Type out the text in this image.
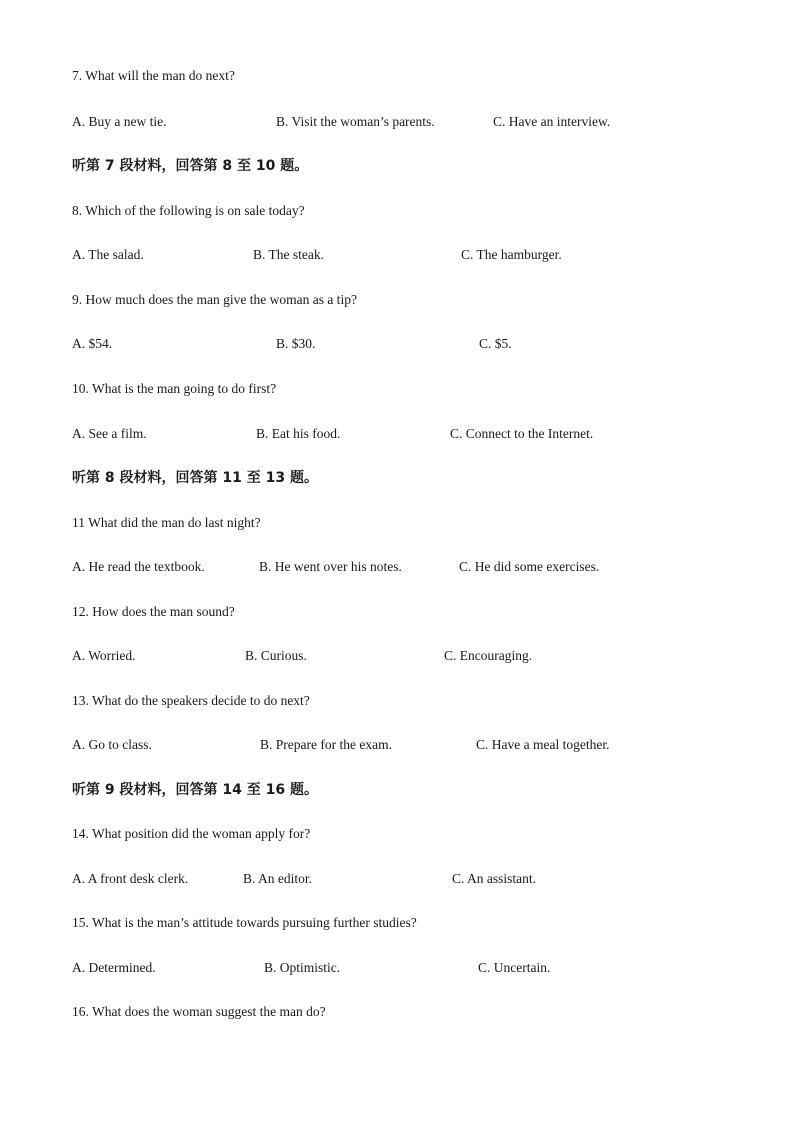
7. What will the man do next?
A. Buy a new tie.	B. Visit the woman’s parents.	C. Have an interview.
听第 7 段材料，回答第 8 至 10 题。
8. Which of the following is on sale today?
A. The salad.	B. The steak.	C. The hamburger.
9. How much does the man give the woman as a tip?
A. $54.	B. $30.	C. $5.
10. What is the man going to do first?
A. See a film.	B. Eat his food.	C. Connect to the Internet.
听第 8 段材料，回答第 11 至 13 题。
11 What did the man do last night?
A. He read the textbook.	B. He went over his notes.	C. He did some exercises.
12. How does the man sound?
A. Worried.	B. Curious.	C. Encouraging.
13. What do the speakers decide to do next?
A. Go to class.	B. Prepare for the exam.	C. Have a meal together.
听第 9 段材料，回答第 14 至 16 题。
14. What position did the woman apply for?
A. A front desk clerk.	B. An editor.	C. An assistant.
15. What is the man’s attitude towards pursuing further studies?
A. Determined.	B. Optimistic.	C. Uncertain.
16. What does the woman suggest the man do?
